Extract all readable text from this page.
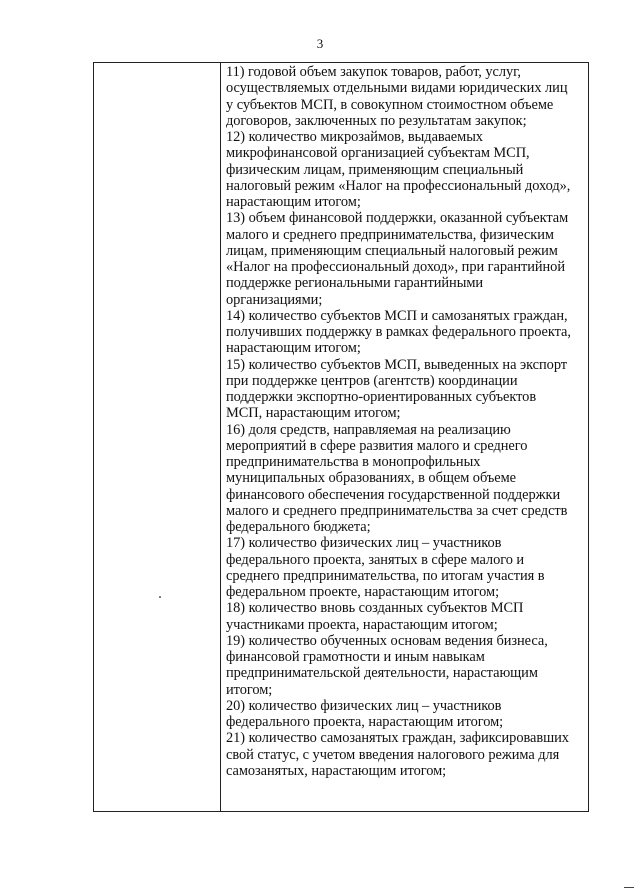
3
11) годовой объем закупок товаров, работ, услуг,
осуществляемых отдельными видами юридических лиц
у субъектов МСП, в совокупном стоимостном объеме
договоров, заключенных по результатам закупок;
12) количество микрозаймов, выдаваемых
микрофинансовой организацией субъектам МСП,
физическим лицам, применяющим специальный
налоговый режим «Налог на профессиональный доход»,
нарастающим итогом;
13) объем финансовой поддержки, оказанной субъектам
малого и среднего предпринимательства, физическим
лицам, применяющим специальный налоговый режим
«Налог на профессиональный доход», при гарантийной
поддержке региональными гарантийными
организациями;
14) количество субъектов МСП и самозанятых граждан,
получивших поддержку в рамках федерального проекта,
нарастающим итогом;
15) количество субъектов МСП, выведенных на экспорт
при поддержке центров (агентств) координации
поддержки экспортно-ориентированных субъектов
МСП, нарастающим итогом;
16) доля средств, направляемая на реализацию
мероприятий в сфере развития малого и среднего
предпринимательства в монопрофильных
муниципальных образованиях, в общем объеме
финансового обеспечения государственной поддержки
малого и среднего предпринимательства за счет средств
федерального бюджета;
17) количество физических лиц – участников
федерального проекта, занятых в сфере малого и
среднего предпринимательства, по итогам участия в
федеральном проекте, нарастающим итогом;
18) количество вновь созданных субъектов МСП
участниками проекта, нарастающим итогом;
19) количество обученных основам ведения бизнеса,
финансовой грамотности и иным навыкам
предпринимательской деятельности, нарастающим
итогом;
20) количество физических лиц – участников
федерального проекта, нарастающим итогом;
21) количество самозанятых граждан, зафиксировавших
свой статус, с учетом введения налогового режима для
самозанятых, нарастающим итогом;
